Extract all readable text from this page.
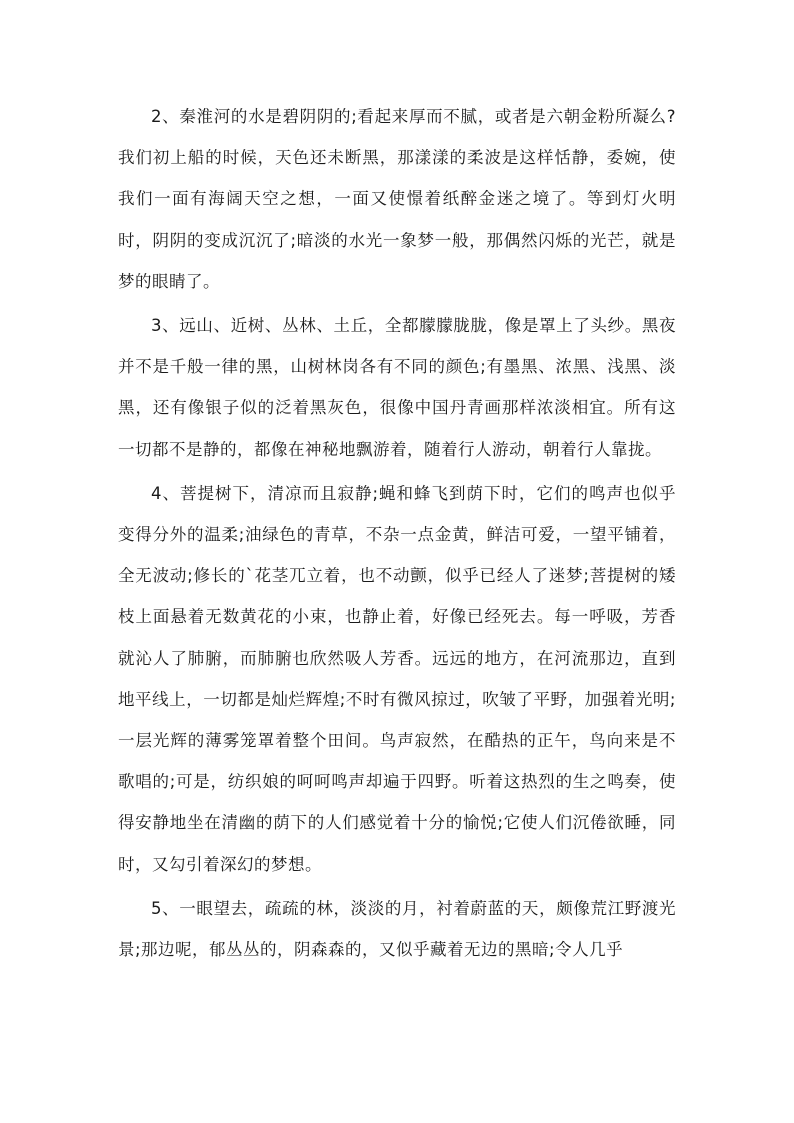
2、秦淮河的水是碧阴阴的;看起来厚而不腻，或者是六朝金粉所凝么?我们初上船的时候，天色还未断黑，那漾漾的柔波是这样恬静，委婉，使我们一面有海阔天空之想，一面又使憬着纸醉金迷之境了。等到灯火明时，阴阴的变成沉沉了;暗淡的水光一象梦一般，那偶然闪烁的光芒，就是梦的眼睛了。

3、远山、近树、丛林、土丘，全都朦朦胧胧，像是罩上了头纱。黑夜并不是千般一律的黑，山树林岗各有不同的颜色;有墨黑、浓黑、浅黑、淡黑，还有像银子似的泛着黑灰色，很像中国丹青画那样浓淡相宜。所有这一切都不是静的，都像在神秘地飘游着，随着行人游动，朝着行人靠拢。

4、菩提树下，清凉而且寂静;蝇和蜂飞到荫下时，它们的鸣声也似乎变得分外的温柔;油绿色的青草，不杂一点金黄，鲜洁可爱，一望平铺着，全无波动;修长的`花茎兀立着，也不动颤，似乎已经人了迷梦;菩提树的矮枝上面悬着无数黄花的小束，也静止着，好像已经死去。每一呼吸，芳香就沁人了肺腑，而肺腑也欣然吸人芳香。远远的地方，在河流那边，直到地平线上，一切都是灿烂辉煌;不时有微风掠过，吹皱了平野，加强着光明;一层光辉的薄雾笼罩着整个田间。鸟声寂然，在酷热的正午，鸟向来是不歌唱的;可是，纺织娘的呵呵鸣声却遍于四野。听着这热烈的生之鸣奏，使得安静地坐在清幽的荫下的人们感觉着十分的愉悦;它使人们沉倦欲睡，同时，又勾引着深幻的梦想。

5、一眼望去，疏疏的林，淡淡的月，衬着蔚蓝的天，颇像荒江野渡光景;那边呢，郁丛丛的，阴森森的，又似乎藏着无边的黑暗;令人几乎
